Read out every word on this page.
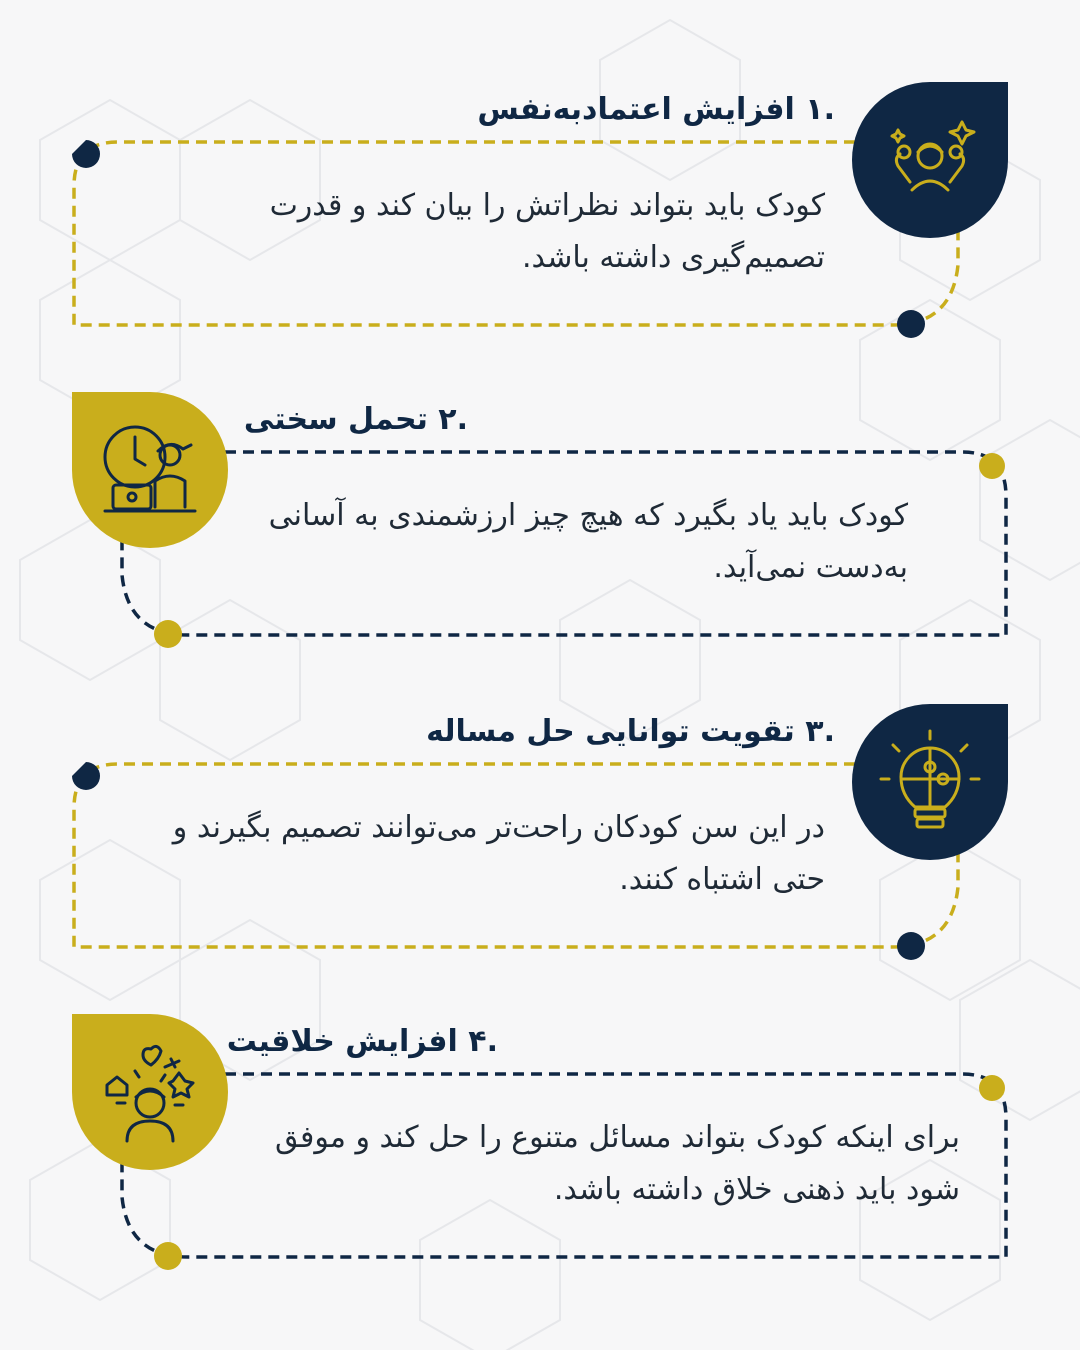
.۱ افزایش اعتمادبه‌نفس
کودک باید بتواند نظراتش را بیان کند و قدرت تصمیم‌گیری داشته باشد.
.۲ تحمل سختی
کودک باید یاد بگیرد که هیچ چیز ارزشمندی به آسانی به‌دست نمی‌آید.
.۳ تقویت توانایی حل مساله
در این سن کودکان راحت‌تر می‌توانند تصمیم بگیرند و حتی اشتباه کنند.
.۴ افزایش خلاقیت
برای اینکه کودک بتواند مسائل متنوع را حل کند و موفق شود باید ذهنی خلاق داشته باشد.
